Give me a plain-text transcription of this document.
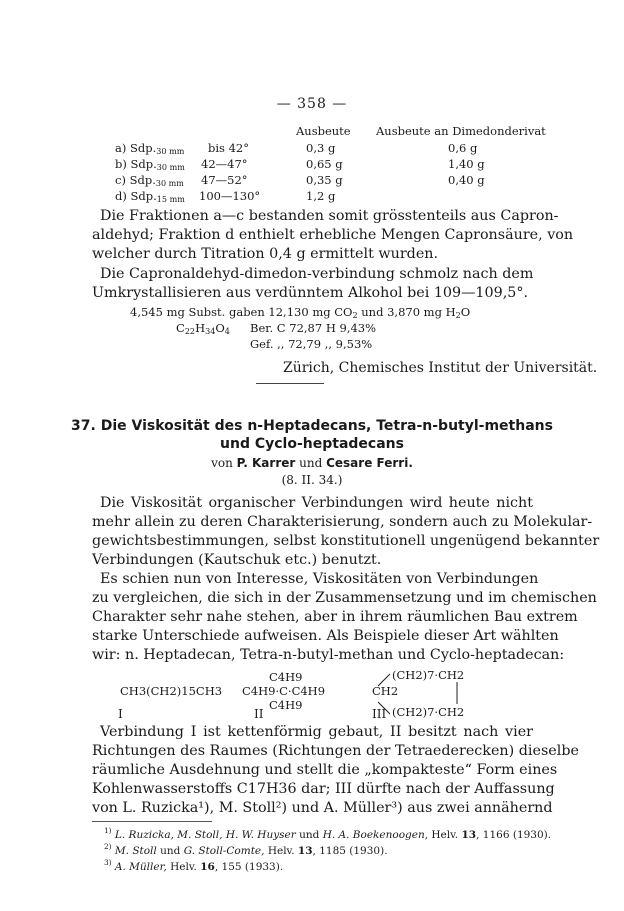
— 358 —
Ausbeute Ausbeute an Dimedonderivat
a) $Sdp._{30 mm}$ bis 42°	0,3 g	0,6 g
b) $Sdp._{30 mm}$ 42—47°	0,65 g	1,40 g
c) $Sdp._{30 mm}$ 47—52°	0,35 g	0,40 g
d) $Sdp._{15 mm}$ 100—130°	1,2 g
Die Fraktionen a—c bestanden somit grösstenteils aus Capron-
aldehyd; Fraktion d enthielt erhebliche Mengen Capronsäure, von
welcher durch Titration 0,4 g ermittelt wurden.
Die Capronaldehyd-dimedon-verbindung schmolz nach dem
Umkrystallisieren aus verdünntem Alkohol bei 109—109,5°.
4,545 mg Subst. gaben 12,130 mg $CO_2$ und 3,870 mg $H_2O$
$C_{22}H_{34}O_4$ Ber. C 72,87 H 9,43%
Gef. ,, 72,79 ,, 9,53%
Zürich, Chemisches Institut der Universität.
37. Die Viskosität des n-Heptadecans, Tetra-n-butyl-methans
und Cyclo-heptadecans
von P. Karrer und Cesare Ferri.
(8. II. 34.)
Die Viskosität organischer Verbindungen wird heute nicht
mehr allein zu deren Charakterisierung, sondern auch zu Molekular-
gewichtsbestimmungen, selbst konstitutionell ungenügend bekannter
Verbindungen (Kautschuk etc.) benutzt.
Es schien nun von Interesse, Viskositäten von Verbindungen
zu vergleichen, die sich in der Zusammensetzung und im chemischen
Charakter sehr nahe stehen, aber in ihrem räumlichen Bau extrem
starke Unterschiede aufweisen. Als Beispiele dieser Art wählten
wir: n. Heptadecan, Tetra-n-butyl-methan und Cyclo-heptadecan:
CH3(CH2)15CH3
I
C4H9
C4H9·C·C4H9
C4H9
II
(CH2)7·CH2
CH2
(CH2)7·CH2
III
Verbindung I ist kettenförmig gebaut, II besitzt nach vier
Richtungen des Raumes (Richtungen der Tetraederecken) dieselbe
räumliche Ausdehnung und stellt die „kompakteste“ Form eines
Kohlenwasserstoffs C17H36 dar; III dürfte nach der Auffassung
von L. Ruzicka¹), M. Stoll²) und A. Müller³) aus zwei annähernd
$^{1)}$ L. Ruzicka, M. Stoll, H. W. Huyser und H. A. Boekenoogen, Helv. 13, 1166 (1930).
$^{2)}$ M. Stoll und G. Stoll-Comte, Helv. 13, 1185 (1930).
$^{3)}$ A. Müller, Helv. 16, 155 (1933).
